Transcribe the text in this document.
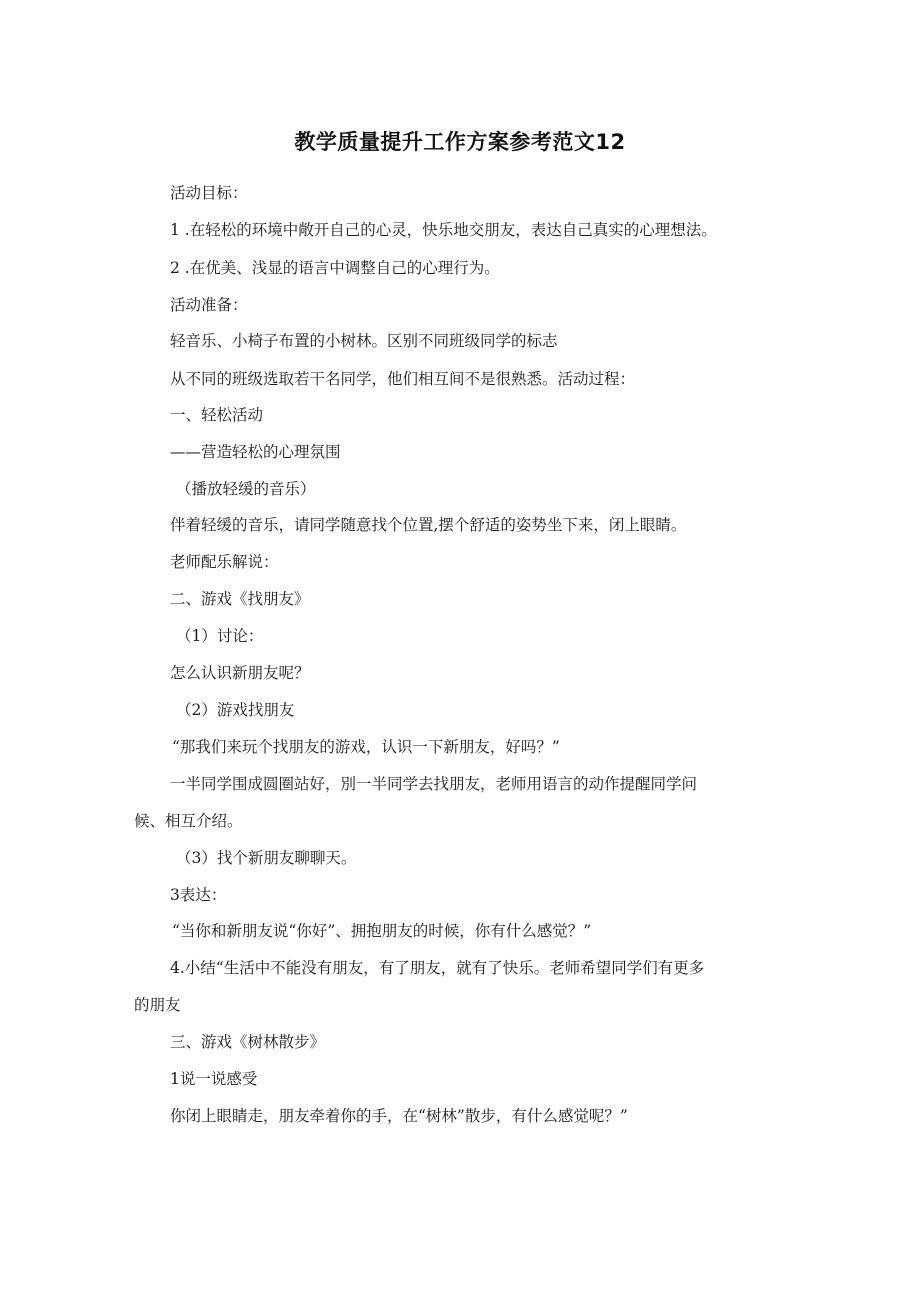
教学质量提升工作方案参考范文12
活动目标：
1 .在轻松的环境中敞开自己的心灵，快乐地交朋友，表达自己真实的心理想法。
2 .在优美、浅显的语言中调整自己的心理行为。
活动准备：
轻音乐、小椅子布置的小树林。区别不同班级同学的标志
从不同的班级选取若干名同学，他们相互间不是很熟悉。活动过程：
一、轻松活动
——营造轻松的心理氛围
（播放轻缓的音乐）
伴着轻缓的音乐，请同学随意找个位置,摆个舒适的姿势坐下来，闭上眼睛。
老师配乐解说：
二、游戏《找朋友》
（1）讨论：
怎么认识新朋友呢？
（2）游戏找朋友
“那我们来玩个找朋友的游戏，认识一下新朋友，好吗？”
一半同学围成圆圈站好，別一半同学去找朋友，老师用语言的动作提醒同学问
候、相互介绍。
（3）找个新朋友聊聊天。
3表达：
“当你和新朋友说“你好”、拥抱朋友的时候，你有什么感觉？”
4.小结“生活中不能没有朋友，有了朋友，就有了快乐。老师希望同学们有更多
的朋友
三、游戏《树林散步》
1说一说感受
你闭上眼睛走，朋友牵着你的手，在“树林”散步，有什么感觉呢？”
